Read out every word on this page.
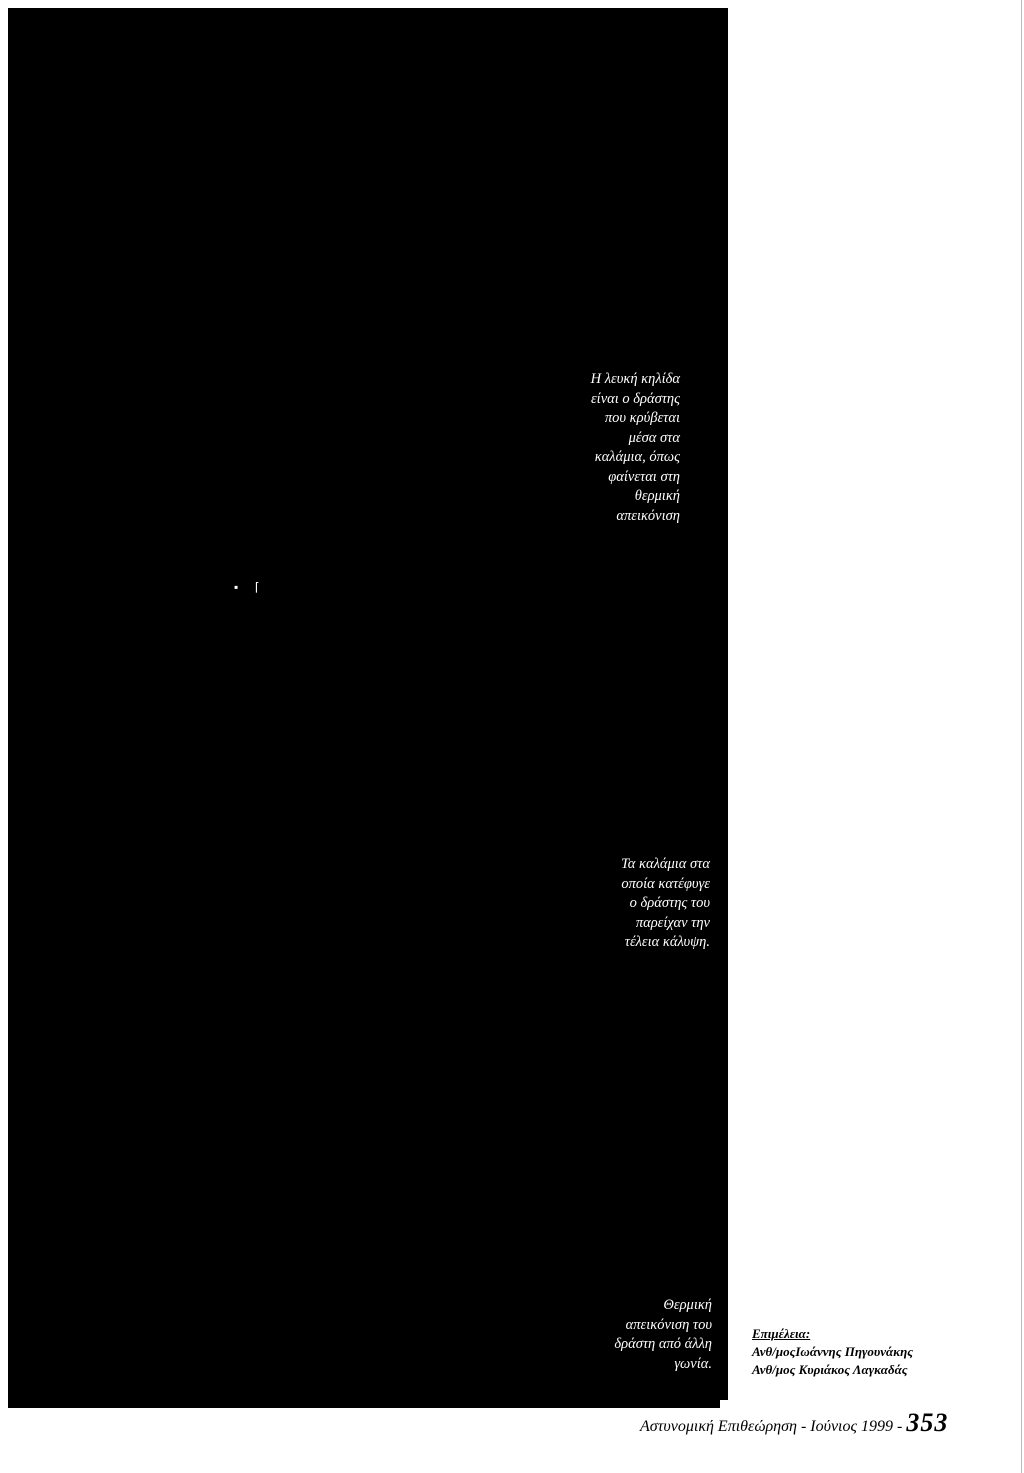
▪     ⌈
Η λευκή κηλίδα
είναι ο δράστης
που κρύβεται
μέσα στα
καλάμια, όπως
φαίνεται στη
θερμική
απεικόνιση
Τα καλάμια στα
οποία κατέφυγε
ο δράστης του
παρείχαν την
τέλεια κάλυψη.
Θερμική
απεικόνιση του
δράστη από άλλη
γωνία.

(έναν άνθρωπο που κρύβεται πίσω από ένα θάμνο) ή παρατηρώντας ένα σταθμευμένο αυτοκίνητο να συμπεράνουμε εάν αυτό είναι από ώρα σταθμευμένο ή σταθμευσε πρόσφατα.

ΕΦΑΡΜΟΓΗ
ΣΥΣΤΗΜΑΤΟΣ

Η χρήση της θερμικής κάμερας από το ελικόπτερο σε περιπτώσεις όπως αναζητήσεις διωκομένων ή αγνοουμένων ατόμων, ναυαγών, νυκτερινών πτήσεων, σοβαρών ατυχημάτων κλπ. είναι επιβεβλημένη καθώς μόνο με αυτήν είναι δυνατή η παρατήρηση αντικειμένων που δεν είναι ορατά δια γυμνού οφθαλμού από τον αέρα.

Έως σήμερα έχει χρησιμοποιηθεί σε πολλές επιχειρήσεις όπως αναζήτηση δραπετών από τις φυλακές Κέρκυρας και Κρήτης, αναζήτηση δραστών στην ορεινή Κορινθία, ανεύρεση εμπόρου ναρκωτικών ο οποίος είχε κρυφθεί μέσα σε καλάμια στην λίμνη Κουμουνδούρου του Σκαραμαγκά, αναζήτηση αγνοουμένων ατόμων κλπ.

Το σύστημα FLIR είναι ένα πολύπλοκο ηλεκτρονικό σύστημα του οποίου ο χειρισμός απαιτεί γνώση και εμπειρία. Για τον σκοπό αυτό εκπαιδεύτηκαν στο εξωτερικό σε θέματα χειρισμού και συντήρησης δύο (2) ηλεκτρονικοί της Υπηρεσία μας, οι οποίοι και παρέχουν την υποστήριξή του, μεταφέροντας ταυτόχρονα την εμπειρία τους και στους λοιπούς τεχνικούς των ελικοπτέρων.

Οι δυνατότητες που μας παρέχει το σύστημα FLIR το καθιστούν ένα ισχυρό και αποτελεσματικό όπλο κατά του σύγχρονου εγκλήματος αλλά ταυτόχρονα ένα σημαντικό βοήθημα στην παροχή κοινωνικού έργου.

Επιμέλεια:
Ανθ/μοςΙωάννης Πηγουνάκης
Ανθ/μος Κυριάκος Λαγκαδάς
Αστυνομική Επιθεώρηση - Ιούνιος 1999 - 353
